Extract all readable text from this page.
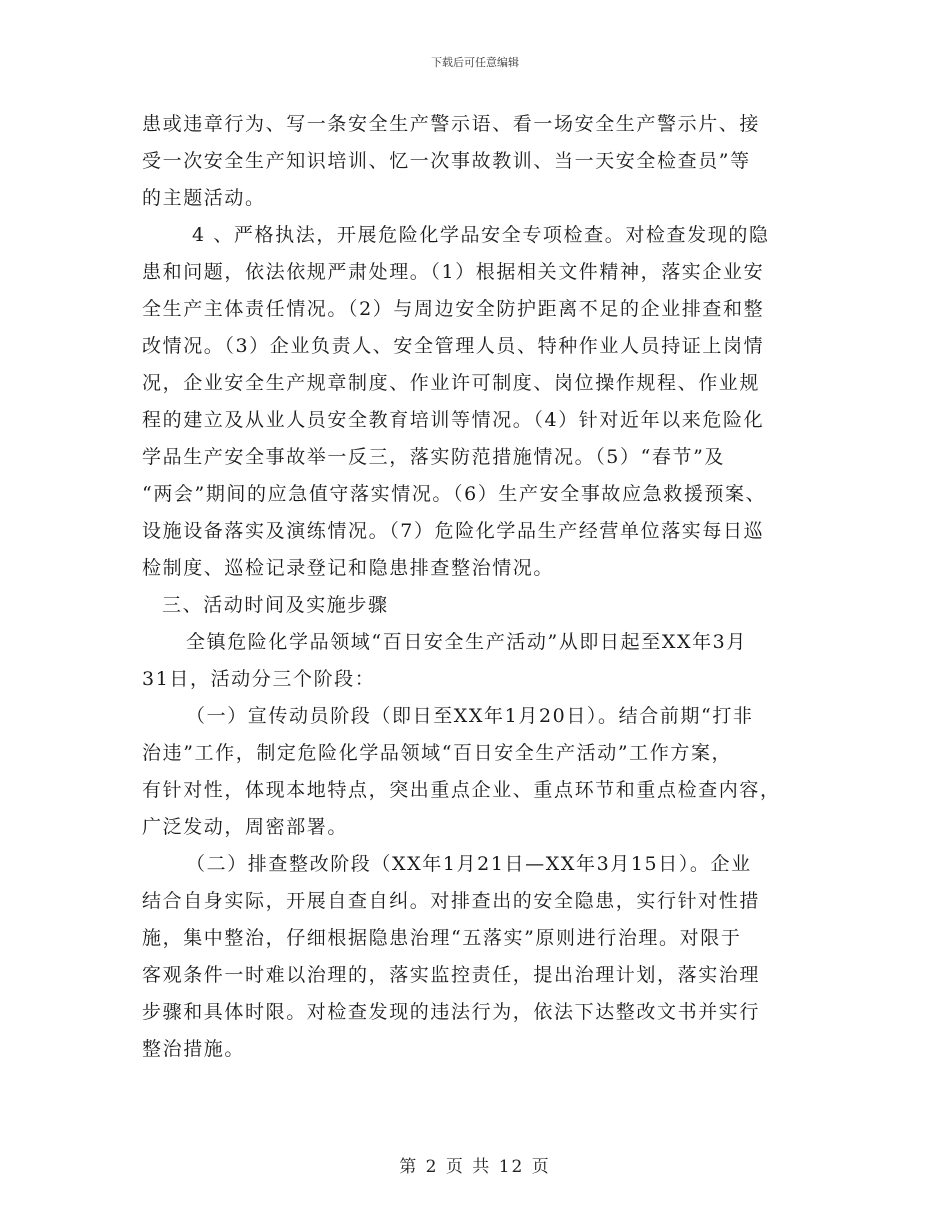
下载后可任意编辑
患或违章行为、写一条安全生产警示语、看一场安全生产警示片、接
受一次安全生产知识培训、忆一次事故教训、当一天安全检查员”等
的主题活动。
4 、严格执法，开展危险化学品安全专项检查。对检查发现的隐
患和问题，依法依规严肃处理。（1）根据相关文件精神，落实企业安
全生产主体责任情况。（2）与周边安全防护距离不足的企业排查和整
改情况。（3）企业负责人、安全管理人员、特种作业人员持证上岗情
况，企业安全生产规章制度、作业许可制度、岗位操作规程、作业规
程的建立及从业人员安全教育培训等情况。（4）针对近年以来危险化
学品生产安全事故举一反三，落实防范措施情况。（5）“春节”及
“两会”期间的应急值守落实情况。（6）生产安全事故应急救援预案、
设施设备落实及演练情况。（7）危险化学品生产经营单位落实每日巡
检制度、巡检记录登记和隐患排查整治情况。
三、活动时间及实施步骤
全镇危险化学品领域“百日安全生产活动”从即日起至XX年3月
31日，活动分三个阶段：
（一）宣传动员阶段（即日至XX年1月20日）。结合前期“打非
治违”工作，制定危险化学品领域“百日安全生产活动”工作方案，
有针对性，体现本地特点，突出重点企业、重点环节和重点检查内容，
广泛发动，周密部署。
（二）排查整改阶段（XX年1月21日—XX年3月15日）。企业
结合自身实际，开展自查自纠。对排查出的安全隐患，实行针对性措
施，集中整治，仔细根据隐患治理“五落实”原则进行治理。对限于
客观条件一时难以治理的，落实监控责任，提出治理计划，落实治理
步骤和具体时限。对检查发现的违法行为，依法下达整改文书并实行
整治措施。
第 2 页 共 12 页
